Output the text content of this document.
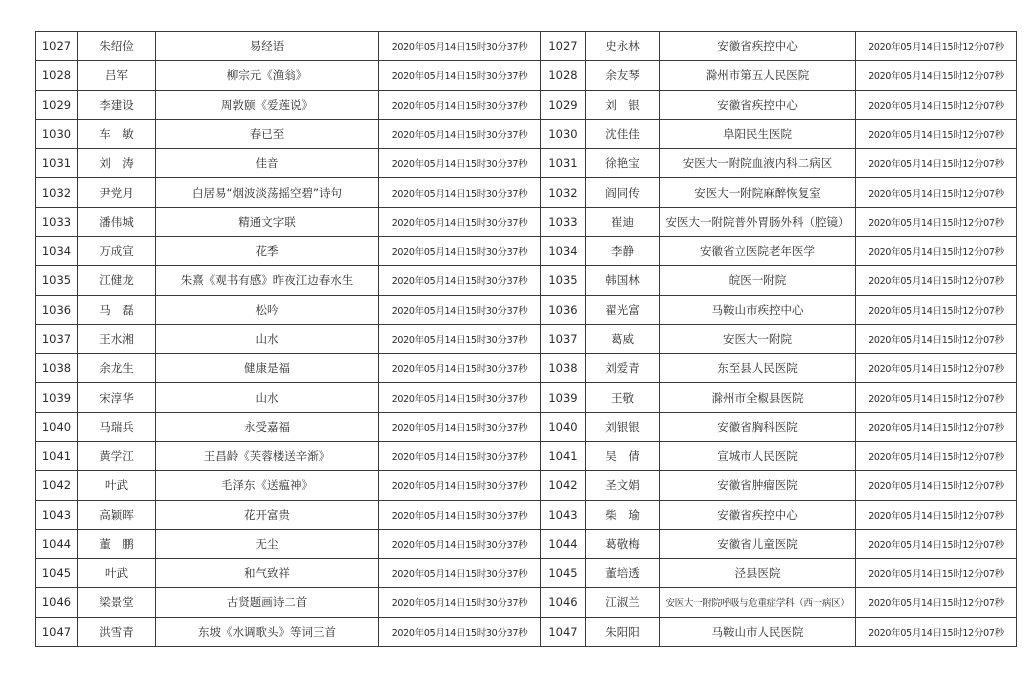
1027	朱绍俭	易经语	2020年05月14日15时30分37秒	1027	史永林	安徽省疾控中心	2020年05月14日15时12分07秒
1028	吕军	柳宗元《渔翁》	2020年05月14日15时30分37秒	1028	余友琴	滁州市第五人民医院	2020年05月14日15时12分07秒
1029	李建设	周敦颐《爱莲说》	2020年05月14日15时30分37秒	1029	刘　银	安徽省疾控中心	2020年05月14日15时12分07秒
1030	车　敏	春已至	2020年05月14日15时30分37秒	1030	沈佳佳	阜阳民生医院	2020年05月14日15时12分07秒
1031	刘　涛	佳音	2020年05月14日15时30分37秒	1031	徐艳宝	安医大一附院血液内科二病区	2020年05月14日15时12分07秒
1032	尹党月	白居易“烟波淡荡摇空碧”诗句	2020年05月14日15时30分37秒	1032	阎同传	安医大一附院麻醉恢复室	2020年05月14日15时12分07秒
1033	潘伟城	精通文字联	2020年05月14日15时30分37秒	1033	崔迪	安医大一附院普外胃肠外科（腔镜）	2020年05月14日15时12分07秒
1034	万成宣	花季	2020年05月14日15时30分37秒	1034	李静	安徽省立医院老年医学	2020年05月14日15时12分07秒
1035	江健龙	朱熹《观书有感》昨夜江边春水生	2020年05月14日15时30分37秒	1035	韩国林	皖医一附院	2020年05月14日15时12分07秒
1036	马　磊	松吟	2020年05月14日15时30分37秒	1036	翟光富	马鞍山市疾控中心	2020年05月14日15时12分07秒
1037	王水湘	山水	2020年05月14日15时30分37秒	1037	葛威	安医大一附院	2020年05月14日15时12分07秒
1038	余龙生	健康是福	2020年05月14日15时30分37秒	1038	刘爱青	东至县人民医院	2020年05月14日15时12分07秒
1039	宋淳华	山水	2020年05月14日15时30分37秒	1039	王敬	滁州市全椒县医院	2020年05月14日15时12分07秒
1040	马瑞兵	永受嘉福	2020年05月14日15时30分37秒	1040	刘银银	安徽省胸科医院	2020年05月14日15时12分07秒
1041	黄学江	王昌龄《芙蓉楼送辛渐》	2020年05月14日15时30分37秒	1041	吴　倩	宣城市人民医院	2020年05月14日15时12分07秒
1042	叶武	毛泽东《送瘟神》	2020年05月14日15时30分37秒	1042	圣文娟	安徽省肿瘤医院	2020年05月14日15时12分07秒
1043	高颖晖	花开富贵	2020年05月14日15时30分37秒	1043	柴　瑜	安徽省疾控中心	2020年05月14日15时12分07秒
1044	董　鹏	无尘	2020年05月14日15时30分37秒	1044	葛敬梅	安徽省儿童医院	2020年05月14日15时12分07秒
1045	叶武	和气致祥	2020年05月14日15时30分37秒	1045	董培透	泾县医院	2020年05月14日15时12分07秒
1046	梁景堂	古贤题画诗二首	2020年05月14日15时30分37秒	1046	江淑兰	安医大一附院呼吸与危重症学科（西一病区）	2020年05月14日15时12分07秒
1047	洪雪青	东坡《水调歌头》等词三首	2020年05月14日15时30分37秒	1047	朱阳阳	马鞍山市人民医院	2020年05月14日15时12分07秒
